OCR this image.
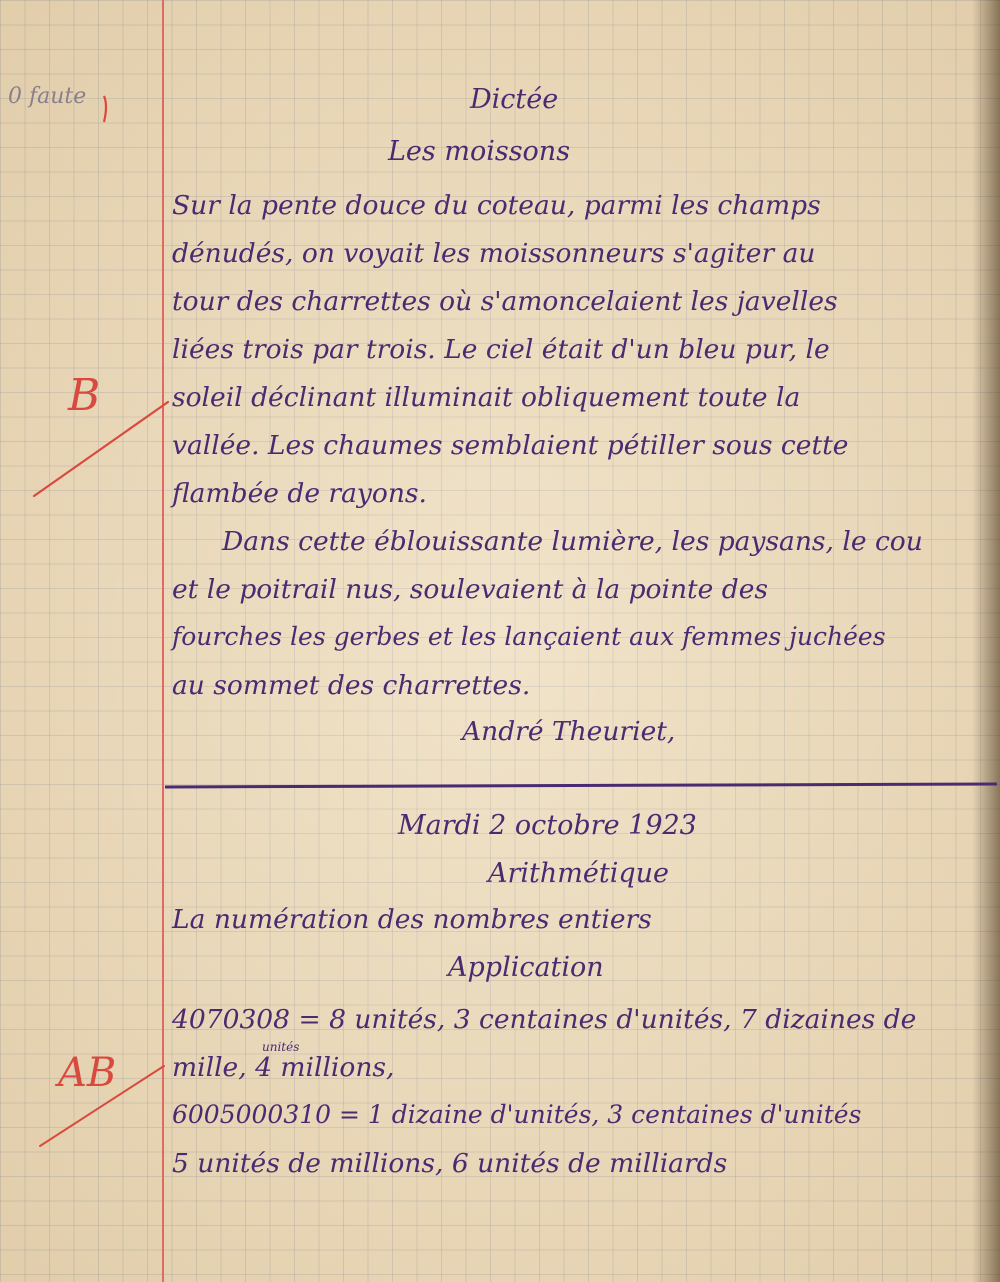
0 faute	Dictée

Les moissons

Sur la pente douce du coteau, parmi les champs

dénudés, on voyait les moissonneurs s'agiter au

tour des charrettes où s'amoncelaient les javelles

liées trois par trois. Le ciel était d'un bleu pur, le

soleil déclinant illuminait obliquement toute la

vallée. Les chaumes semblaient pétiller sous cette

flambée de rayons.

Dans cette éblouissante lumière, les paysans, le cou

et le poitrail nus, soulevaient à la pointe des

fourches les gerbes et les lançaient aux femmes juchées

au sommet des charrettes.

André Theuriet,

B

Mardi 2 octobre 1923

Arithmétique

La numération des nombres entiers

Application

4070308 = 8 unités, 3 centaines d'unités, 7 dizaines de

unités

mille, 4 millions,

6005000310 = 1 dizaine d'unités, 3 centaines d'unités

5 unités de millions, 6 unités de milliards

AB
